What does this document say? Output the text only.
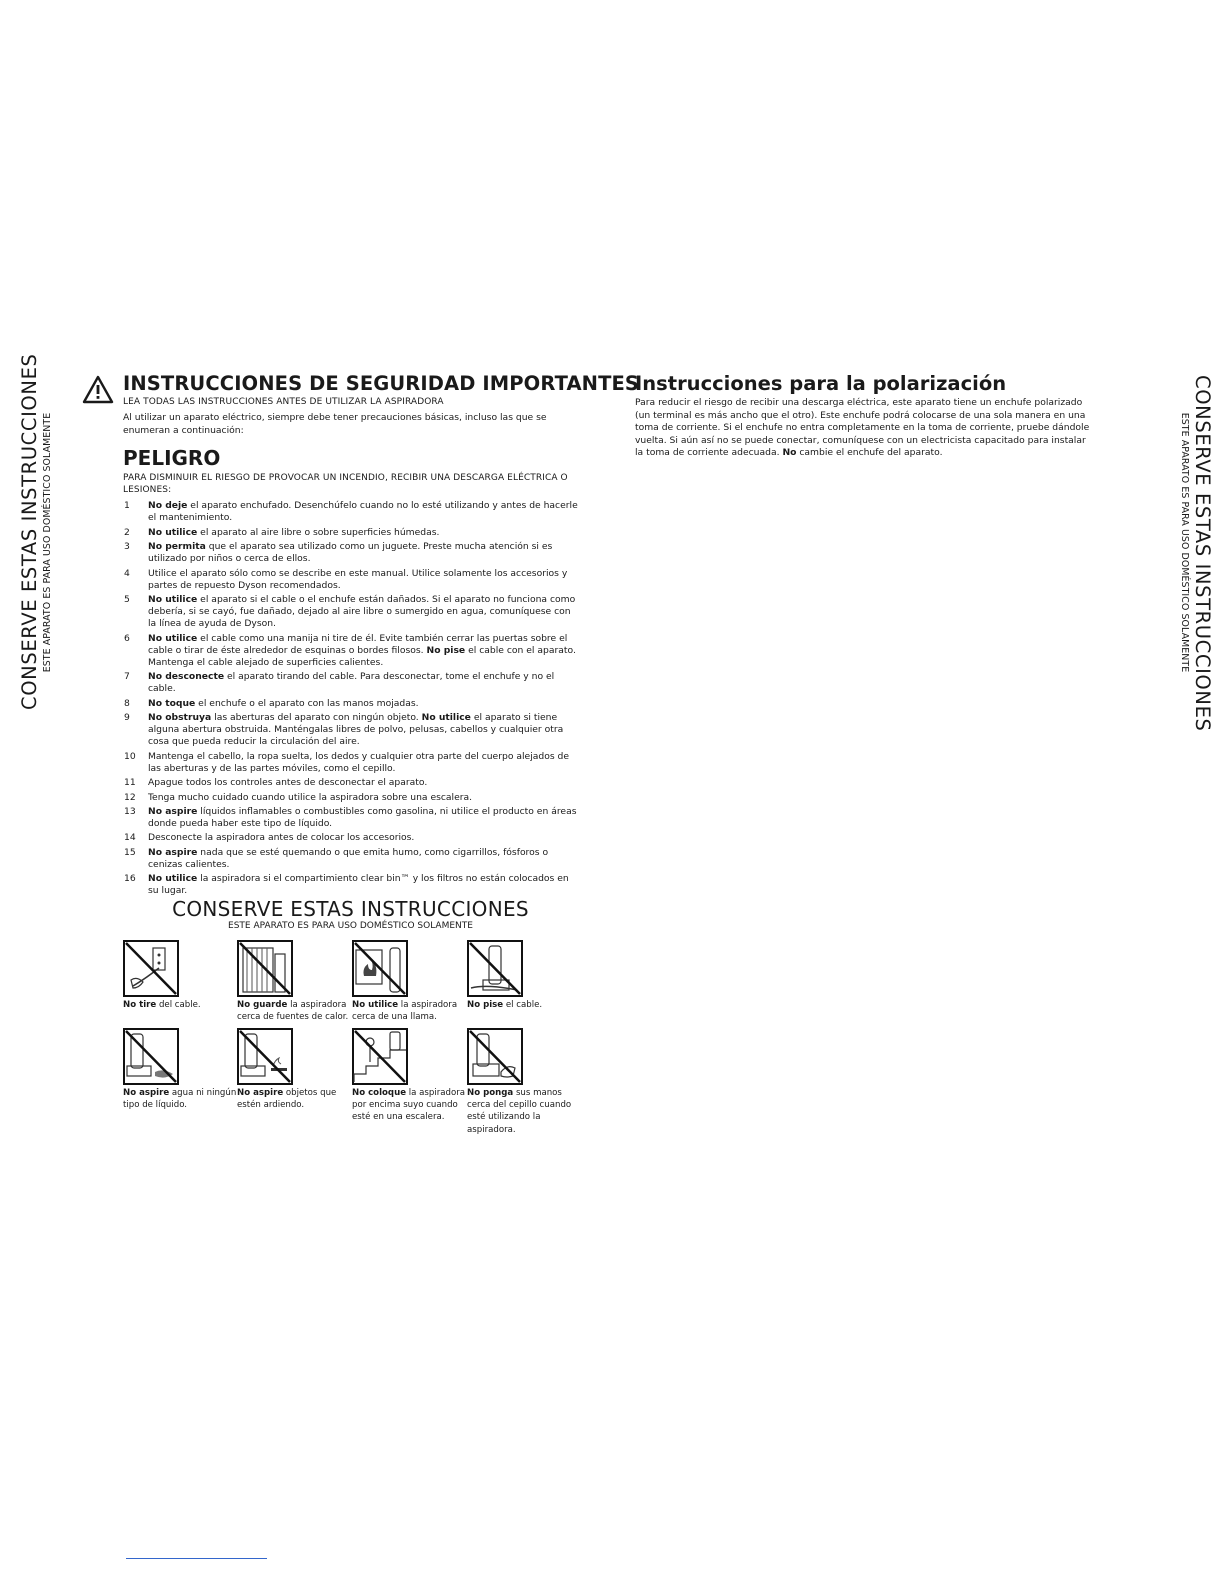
CONSERVE ESTAS INSTRUCCIONES ESTE APARATO ES PARA USO DOMÉSTICO SOLAMENTE	CONSERVE ESTAS INSTRUCCIONES
ESTE APARATO ES PARA USO DOMÉSTICO SOLAMENTE
INSTRUCCIONES DE SEGURIDAD IMPORTANTES
LEA TODAS LAS INSTRUCCIONES ANTES DE UTILIZAR LA ASPIRADORA
Al utilizar un aparato eléctrico, siempre debe tener precauciones básicas, incluso las que se enumeran a continuación:
PELIGRO
PARA DISMINUIR EL RIESGO DE PROVOCAR UN INCENDIO, RECIBIR UNA DESCARGA ELÉCTRICA O LESIONES:
1 No deje el aparato enchufado. Desenchúfelo cuando no lo esté utilizando y antes de hacerle el mantenimiento.
2 No utilice el aparato al aire libre o sobre superficies húmedas.
3 No permita que el aparato sea utilizado como un juguete. Preste mucha atención si es utilizado por niños o cerca de ellos.
4 Utilice el aparato sólo como se describe en este manual. Utilice solamente los accesorios y partes de repuesto Dyson recomendados.
5 No utilice el aparato si el cable o el enchufe están dañados. Si el aparato no funciona como debería, si se cayó, fue dañado, dejado al aire libre o sumergido en agua, comuníquese con la línea de ayuda de Dyson.
6 No utilice el cable como una manija ni tire de él. Evite también cerrar las puertas sobre el cable o tirar de éste alrededor de esquinas o bordes filosos. No pise el cable con el aparato. Mantenga el cable alejado de superficies calientes.
7 No desconecte el aparato tirando del cable. Para desconectar, tome el enchufe y no el cable.
8 No toque el enchufe o el aparato con las manos mojadas.
9 No obstruya las aberturas del aparato con ningún objeto. No utilice el aparato si tiene alguna abertura obstruida. Manténgalas libres de polvo, pelusas, cabellos y cualquier otra cosa que pueda reducir la circulación del aire.
10 Mantenga el cabello, la ropa suelta, los dedos y cualquier otra parte del cuerpo alejados de las aberturas y de las partes móviles, como el cepillo.
11 Apague todos los controles antes de desconectar el aparato.
12 Tenga mucho cuidado cuando utilice la aspiradora sobre una escalera.
13 No aspire líquidos inflamables o combustibles como gasolina, ni utilice el producto en áreas donde pueda haber este tipo de líquido.
14 Desconecte la aspiradora antes de colocar los accesorios.
15 No aspire nada que se esté quemando o que emita humo, como cigarrillos, fósforos o cenizas calientes.
16 No utilice la aspiradora si el compartimiento clear bin™ y los filtros no están colocados en su lugar.
CONSERVE ESTAS INSTRUCCIONES
ESTE APARATO ES PARA USO DOMÉSTICO SOLAMENTE
No tire del cable.	No guarde la aspiradora cerca de fuentes de calor.
No utilice la aspiradora cerca de una llama.
No pise el cable.
No aspire agua ni ningún tipo de líquido.
No aspire objetos que estén ardiendo.
No coloque la aspiradora por encima suyo cuando esté en una escalera.
No ponga sus manos cerca del cepillo cuando esté utilizando la aspiradora.
Instrucciones para la polarización
Para reducir el riesgo de recibir una descarga eléctrica, este aparato tiene un enchufe polarizado (un terminal es más ancho que el otro). Este enchufe podrá colocarse de una sola manera en una toma de corriente. Si el enchufe no entra completamente en la toma de corriente, pruebe dándole vuelta. Si aún así no se puede conectar, comuníquese con un electricista capacitado para instalar la toma de corriente adecuada. No cambie el enchufe del aparato.
